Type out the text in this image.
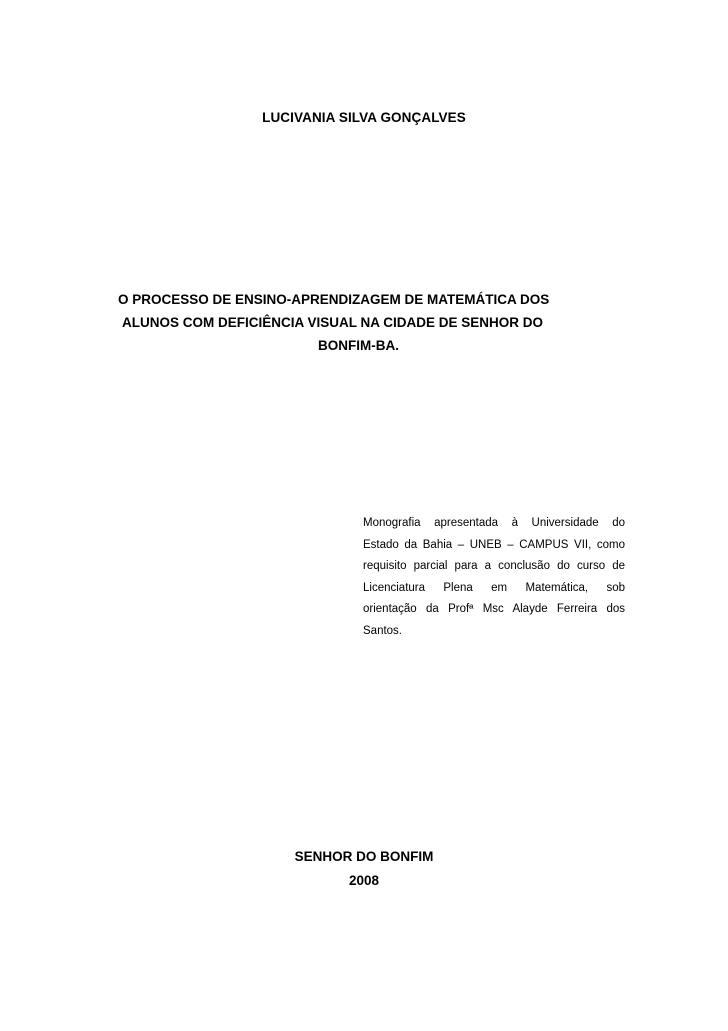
LUCIVANIA SILVA GONÇALVES
O PROCESSO DE ENSINO-APRENDIZAGEM DE MATEMÁTICA DOS
ALUNOS COM DEFICIÊNCIA VISUAL NA CIDADE DE SENHOR DO
BONFIM-BA.
Monografia apresentada à Universidade do
Estado da Bahia – UNEB – CAMPUS VII, como
requisito parcial para a conclusão do curso de
Licenciatura Plena em Matemática, sob
orientação da Profª Msc Alayde Ferreira dos
Santos.
SENHOR DO BONFIM
2008
